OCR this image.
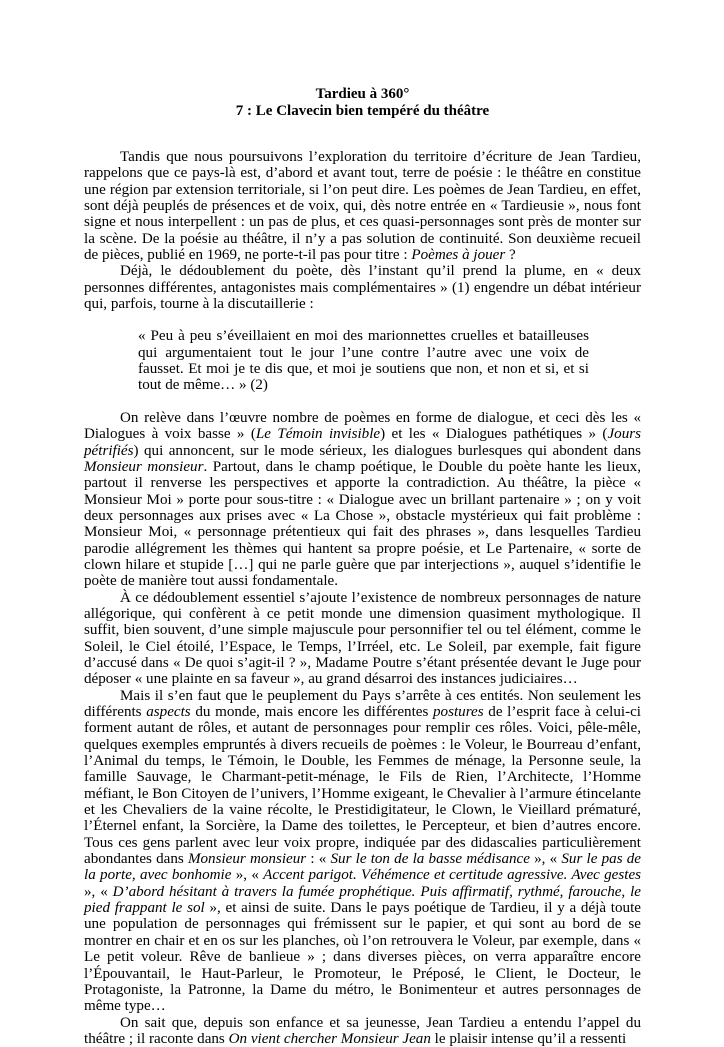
Tardieu à 360°

7 : Le Clavecin bien tempéré du théâtre

Tandis que nous poursuivons l’exploration du territoire d’écriture de Jean Tardieu, rappelons que ce pays-là est, d’abord et avant tout, terre de poésie : le théâtre en constitue une région par extension territoriale, si l’on peut dire. Les poèmes de Jean Tardieu, en effet, sont déjà peuplés de présences et de voix, qui, dès notre entrée en « Tardieusie », nous font signe et nous interpellent : un pas de plus, et ces quasi-personnages sont près de monter sur la scène. De la poésie au théâtre, il n’y a pas solution de continuité. Son deuxième recueil de pièces, publié en 1969, ne porte-t-il pas pour titre : Poèmes à jouer ?

Déjà, le dédoublement du poète, dès l’instant qu’il prend la plume, en « deux personnes différentes, antagonistes mais complémentaires » (1) engendre un débat intérieur qui, parfois, tourne à la discutaillerie :

« Peu à peu s’éveillaient en moi des marionnettes cruelles et batailleuses qui argumentaient tout le jour l’une contre l’autre avec une voix de fausset. Et moi je te dis que, et moi je soutiens que non, et non et si, et si tout de même… » (2)

On relève dans l’œuvre nombre de poèmes en forme de dialogue, et ceci dès les « Dialogues à voix basse » (Le Témoin invisible) et les « Dialogues pathétiques » (Jours pétrifiés) qui annoncent, sur le mode sérieux, les dialogues burlesques qui abondent dans Monsieur monsieur. Partout, dans le champ poétique, le Double du poète hante les lieux, partout il renverse les perspectives et apporte la contradiction. Au théâtre, la pièce « Monsieur Moi » porte pour sous-titre : « Dialogue avec un brillant partenaire » ; on y voit deux personnages aux prises avec « La Chose », obstacle mystérieux qui fait problème : Monsieur Moi, « personnage prétentieux qui fait des phrases », dans lesquelles Tardieu parodie allégrement les thèmes qui hantent sa propre poésie, et Le Partenaire, « sorte de clown hilare et stupide […] qui ne parle guère que par interjections », auquel s’identifie le poète de manière tout aussi fondamentale.

À ce dédoublement essentiel s’ajoute l’existence de nombreux personnages de nature allégorique, qui confèrent à ce petit monde une dimension quasiment mythologique. Il suffit, bien souvent, d’une simple majuscule pour personnifier tel ou tel élément, comme le Soleil, le Ciel étoilé, l’Espace, le Temps, l’Irréel, etc. Le Soleil, par exemple, fait figure d’accusé dans « De quoi s’agit-il ? », Madame Poutre s’étant présentée devant le Juge pour déposer « une plainte en sa faveur », au grand désarroi des instances judiciaires…

Mais il s’en faut que le peuplement du Pays s’arrête à ces entités. Non seulement les différents aspects du monde, mais encore les différentes postures de l’esprit face à celui-ci forment autant de rôles, et autant de personnages pour remplir ces rôles. Voici, pêle-mêle, quelques exemples empruntés à divers recueils de poèmes : le Voleur, le Bourreau d’enfant, l’Animal du temps, le Témoin, le Double, les Femmes de ménage, la Personne seule, la famille Sauvage, le Charmant-petit-ménage, le Fils de Rien, l’Architecte, l’Homme méfiant, le Bon Citoyen de l’univers, l’Homme exigeant, le Chevalier à l’armure étincelante et les Chevaliers de la vaine récolte, le Prestidigitateur, le Clown, le Vieillard prématuré, l’Éternel enfant, la Sorcière, la Dame des toilettes, le Percepteur, et bien d’autres encore. Tous ces gens parlent avec leur voix propre, indiquée par des didascalies particulièrement abondantes dans Monsieur monsieur : « Sur le ton de la basse médisance », « Sur le pas de la porte, avec bonhomie », « Accent parigot. Véhémence et certitude agressive. Avec gestes », « D’abord hésitant à travers la fumée prophétique. Puis affirmatif, rythmé, farouche, le pied frappant le sol », et ainsi de suite. Dans le pays poétique de Tardieu, il y a déjà toute une population de personnages qui frémissent sur le papier, et qui sont au bord de se montrer en chair et en os sur les planches, où l’on retrouvera le Voleur, par exemple, dans « Le petit voleur. Rêve de banlieue » ; dans diverses pièces, on verra apparaître encore l’Épouvantail, le Haut-Parleur, le Promoteur, le Préposé, le Client, le Docteur, le Protagoniste, la Patronne, la Dame du métro, le Bonimenteur et autres personnages de même type…

On sait que, depuis son enfance et sa jeunesse, Jean Tardieu a entendu l’appel du théâtre ; il raconte dans On vient chercher Monsieur Jean le plaisir intense qu’il a ressenti
